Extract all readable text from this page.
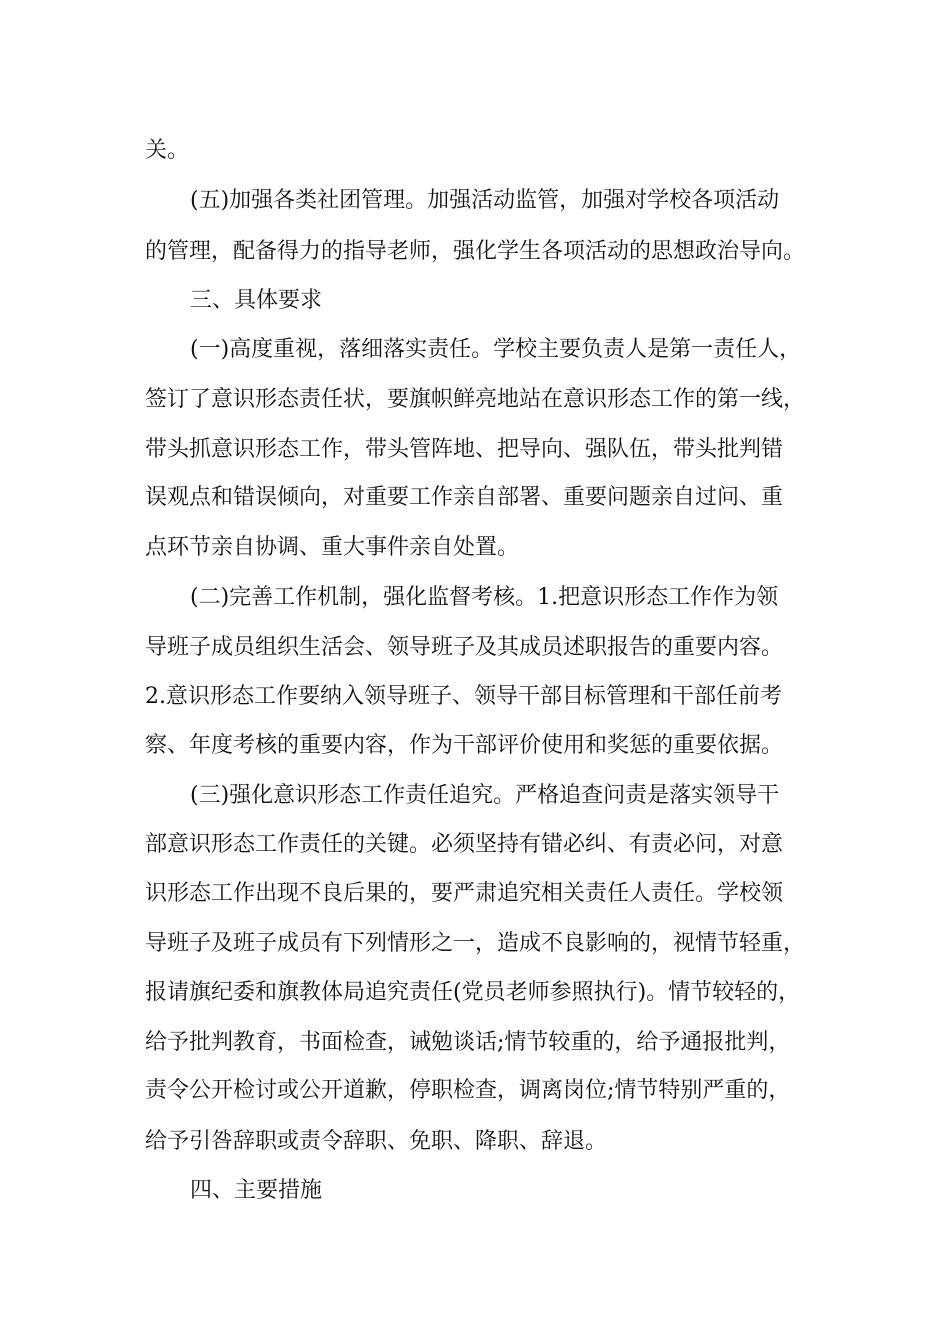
关。
(五)加强各类社团管理。加强活动监管，加强对学校各项活动
的管理，配备得力的指导老师，强化学生各项活动的思想政治导向。
三、具体要求
(一)高度重视，落细落实责任。学校主要负责人是第一责任人，
签订了意识形态责任状，要旗帜鲜亮地站在意识形态工作的第一线，
带头抓意识形态工作，带头管阵地、把导向、强队伍，带头批判错
误观点和错误倾向，对重要工作亲自部署、重要问题亲自过问、重
点环节亲自协调、重大事件亲自处置。
(二)完善工作机制，强化监督考核。1.把意识形态工作作为领
导班子成员组织生活会、领导班子及其成员述职报告的重要内容。
2.意识形态工作要纳入领导班子、领导干部目标管理和干部任前考
察、年度考核的重要内容，作为干部评价使用和奖惩的重要依据。
(三)强化意识形态工作责任追究。严格追查问责是落实领导干
部意识形态工作责任的关键。必须坚持有错必纠、有责必问，对意
识形态工作出现不良后果的，要严肃追究相关责任人责任。学校领
导班子及班子成员有下列情形之一，造成不良影响的，视情节轻重，
报请旗纪委和旗教体局追究责任(党员老师参照执行)。情节较轻的，
给予批判教育，书面检查，诫勉谈话;情节较重的，给予通报批判，
责令公开检讨或公开道歉，停职检查，调离岗位;情节特别严重的，
给予引咎辞职或责令辞职、免职、降职、辞退。
四、主要措施
